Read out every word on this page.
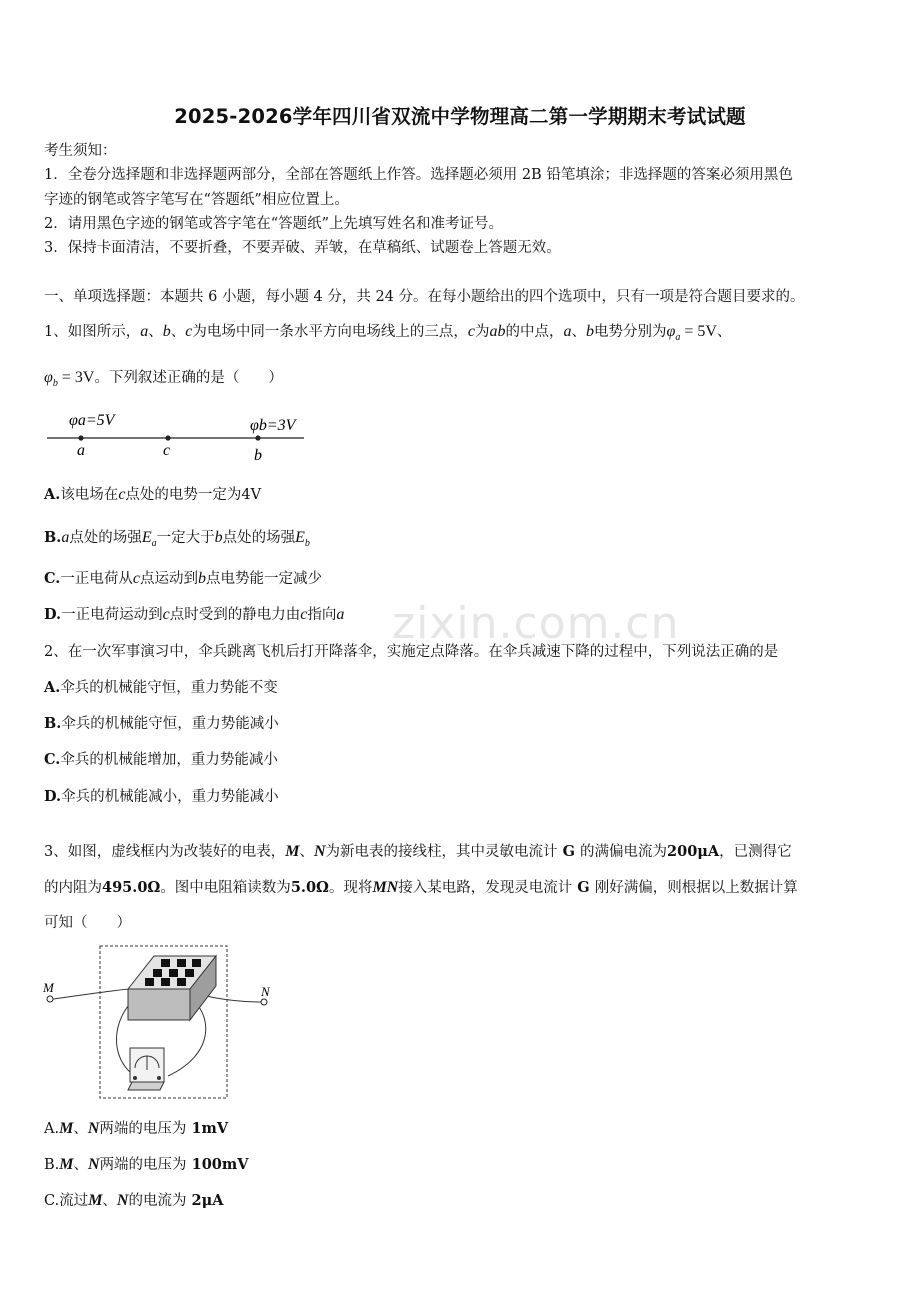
zixin.com.cn
2025-2026学年四川省双流中学物理高二第一学期期末考试试题
考生须知：
1．全卷分选择题和非选择题两部分，全部在答题纸上作答。选择题必须用 2B 铅笔填涂；非选择题的答案必须用黑色
字迹的钢笔或答字笔写在“答题纸”相应位置上。
2．请用黑色字迹的钢笔或答字笔在“答题纸”上先填写姓名和准考证号。
3．保持卡面清洁，不要折叠，不要弄破、弄皱，在草稿纸、试题卷上答题无效。
一、单项选择题：本题共 6 小题，每小题 4 分，共 24 分。在每小题给出的四个选项中，只有一项是符合题目要求的。
1、如图所示，a、b、c为电场中同一条水平方向电场线上的三点，c为ab的中点，a、b电势分别为$\varphi_a = 5V$、
$\varphi_b = 3V$。下列叙述正确的是（　　）
φa=5V	φb=3V
a	c	b
A.该电场在c点处的电势一定为4V
B.a点处的场强$E_a$一定大于b点处的场强$E_b$
C.一正电荷从c点运动到b点电势能一定减少
D.一正电荷运动到c点时受到的静电力由c指向a
2、在一次军事演习中，伞兵跳离飞机后打开降落伞，实施定点降落。在伞兵减速下降的过程中，下列说法正确的是
A.伞兵的机械能守恒，重力势能不变
B.伞兵的机械能守恒，重力势能减小
C.伞兵的机械能增加，重力势能减小
D.伞兵的机械能减小，重力势能减小
3、如图，虚线框内为改装好的电表，M、N为新电表的接线柱，其中灵敏电流计 G 的满偏电流为200μA，已测得它
的内阻为495.0Ω。图中电阻箱读数为5.0Ω。现将MN接入某电路，发现灵电流计 G 刚好满偏，则根据以上数据计算
可知（　　）
M	N
A.M、N两端的电压为 1mV
B.M、N两端的电压为 100mV
C.流过M、N的电流为 2μA
